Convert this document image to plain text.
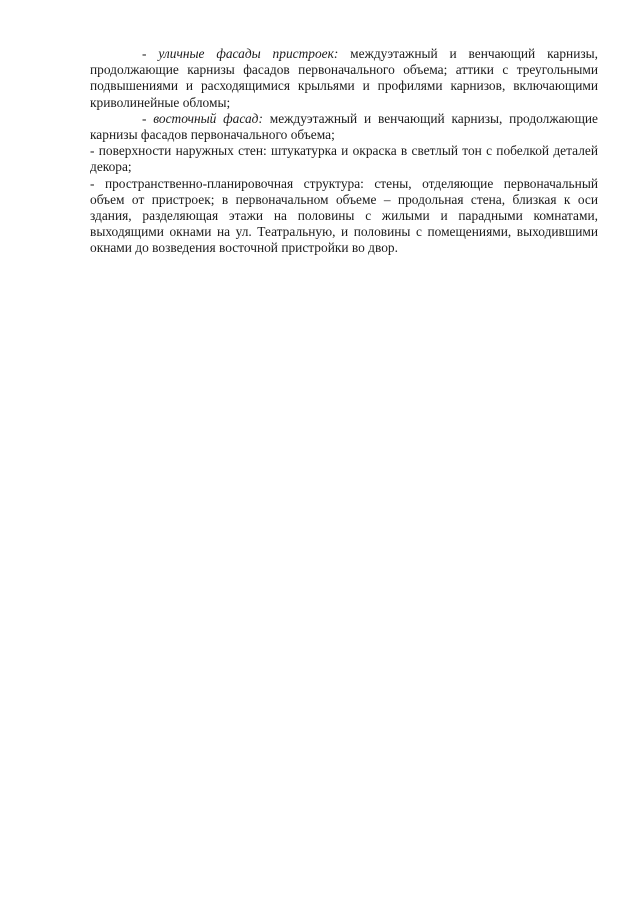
- уличные фасады пристроек: междуэтажный и венчающий карнизы, продолжающие карнизы фасадов первоначального объема; аттики с треугольными подвышениями и расходящимися крыльями и профилями карнизов, включающими криволинейные обломы;

- восточный фасад: междуэтажный и венчающий карнизы, продолжающие карнизы фасадов первоначального объема;

- поверхности наружных стен: штукатурка и окраска в светлый тон с побелкой деталей декора;

- пространственно-планировочная структура: стены, отделяющие первоначальный объем от пристроек; в первоначальном объеме – продольная стена, близкая к оси здания, разделяющая этажи на половины с жилыми и парадными комнатами, выходящими окнами на ул. Театральную, и половины с помещениями, выходившими окнами до возведения восточной пристройки во двор.
